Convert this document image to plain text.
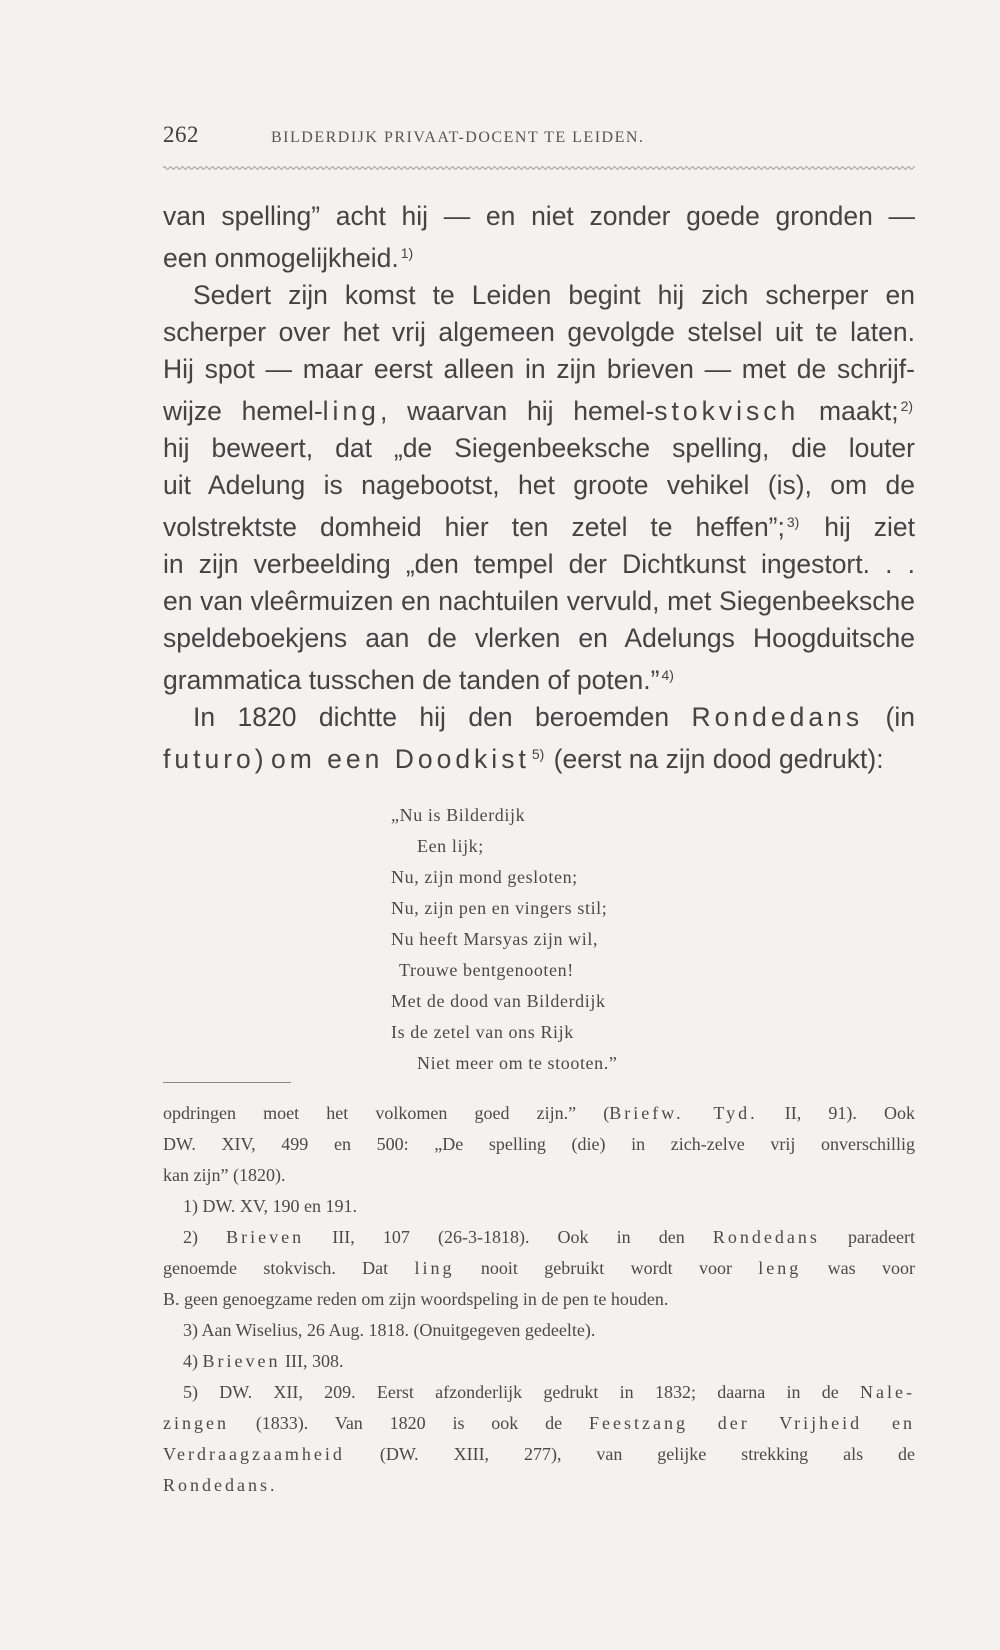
262	BILDERDIJK PRIVAAT-DOCENT TE LEIDEN.

van spelling” acht hij — en niet zonder goede gronden —

een onmogelijkheid. $^{1)}$

Sedert zijn komst te Leiden begint hij zich scherper en

scherper over het vrij algemeen gevolgde stelsel uit te laten.

Hij spot — maar eerst alleen in zijn brieven — met de schrijf-

wijze hemel-ling, waarvan hij hemel-stokvisch maakt; $^{2)}$

hij beweert, dat „de Siegenbeeksche spelling, die louter

uit Adelung is nagebootst, het groote vehikel (is), om de

volstrektste domheid hier ten zetel te heffen”; $^{3)}$ hij ziet

in zijn verbeelding „den tempel der Dichtkunst ingestort. . .

en van vleêrmuizen en nachtuilen vervuld, met Siegenbeeksche

speldeboekjens aan de vlerken en Adelungs Hoogduitsche

grammatica tusschen de tanden of poten.” $^{4)}$

In 1820 dichtte hij den beroemden Rondedans (in

futuro) om een Doodkist $^{5)}$ (eerst na zijn dood gedrukt):

„Nu is Bilderdijk
Een lijk;
Nu, zijn mond gesloten;
Nu, zijn pen en vingers stil;
Nu heeft Marsyas zijn wil,
Trouwe bentgenooten!
Met de dood van Bilderdijk
Is de zetel van ons Rijk
Niet meer om te stooten.”

opdringen moet het volkomen goed zijn.” (Briefw. Tyd. II, 91). Ook

DW. XIV, 499 en 500: „De spelling (die) in zich-zelve vrij onverschillig

kan zijn” (1820).

1) DW. XV, 190 en 191.

2) Brieven III, 107 (26-3-1818). Ook in den Rondedans paradeert

genoemde stokvisch. Dat ling nooit gebruikt wordt voor leng was voor

B. geen genoegzame reden om zijn woordspeling in de pen te houden.

3) Aan Wiselius, 26 Aug. 1818. (Onuitgegeven gedeelte).

4) Brieven III, 308.

5) DW. XII, 209. Eerst afzonderlijk gedrukt in 1832; daarna in de Nale-

zingen (1833). Van 1820 is ook de Feestzang der Vrijheid en

Verdraagzaamheid (DW. XIII, 277), van gelijke strekking als de

Rondedans.
